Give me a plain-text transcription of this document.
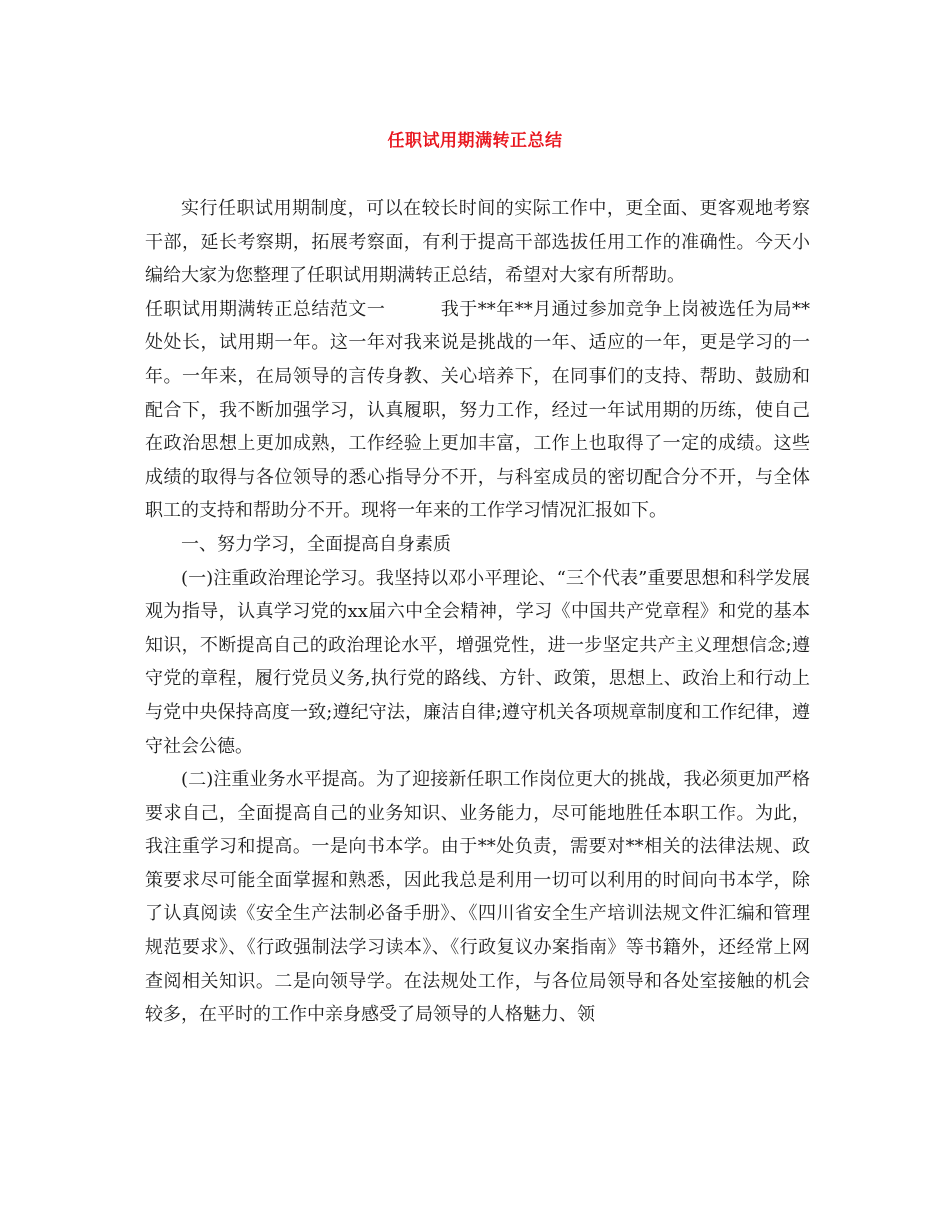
任职试用期满转正总结

实行任职试用期制度，可以在较长时间的实际工作中，更全面、更客观地考察干部，延长考察期，拓展考察面，有利于提高干部选拔任用工作的准确性。今天小编给大家为您整理了任职试用期满转正总结，希望对大家有所帮助。

任职试用期满转正总结范文一　　　我于**年**月通过参加竞争上岗被选任为局**处处长，试用期一年。这一年对我来说是挑战的一年、适应的一年，更是学习的一年。一年来，在局领导的言传身教、关心培养下，在同事们的支持、帮助、鼓励和配合下，我不断加强学习，认真履职，努力工作，经过一年试用期的历练，使自己在政治思想上更加成熟，工作经验上更加丰富，工作上也取得了一定的成绩。这些成绩的取得与各位领导的悉心指导分不开，与科室成员的密切配合分不开，与全体职工的支持和帮助分不开。现将一年来的工作学习情况汇报如下。

一、努力学习，全面提高自身素质

(一)注重政治理论学习。我坚持以邓小平理论、“三个代表”重要思想和科学发展观为指导，认真学习党的xx届六中全会精神，学习《中国共产党章程》和党的基本知识，不断提高自己的政治理论水平，增强党性，进一步坚定共产主义理想信念;遵守党的章程，履行党员义务,执行党的路线、方针、政策，思想上、政治上和行动上与党中央保持高度一致;遵纪守法，廉洁自律;遵守机关各项规章制度和工作纪律，遵守社会公德。

(二)注重业务水平提高。为了迎接新任职工作岗位更大的挑战，我必须更加严格要求自己，全面提高自己的业务知识、业务能力，尽可能地胜任本职工作。为此，我注重学习和提高。一是向书本学。由于**处负责，需要对**相关的法律法规、政策要求尽可能全面掌握和熟悉，因此我总是利用一切可以利用的时间向书本学，除了认真阅读《安全生产法制必备手册》、《四川省安全生产培训法规文件汇编和管理规范要求》、《行政强制法学习读本》、《行政复议办案指南》等书籍外，还经常上网查阅相关知识。二是向领导学。在法规处工作，与各位局领导和各处室接触的机会较多，在平时的工作中亲身感受了局领导的人格魅力、领
